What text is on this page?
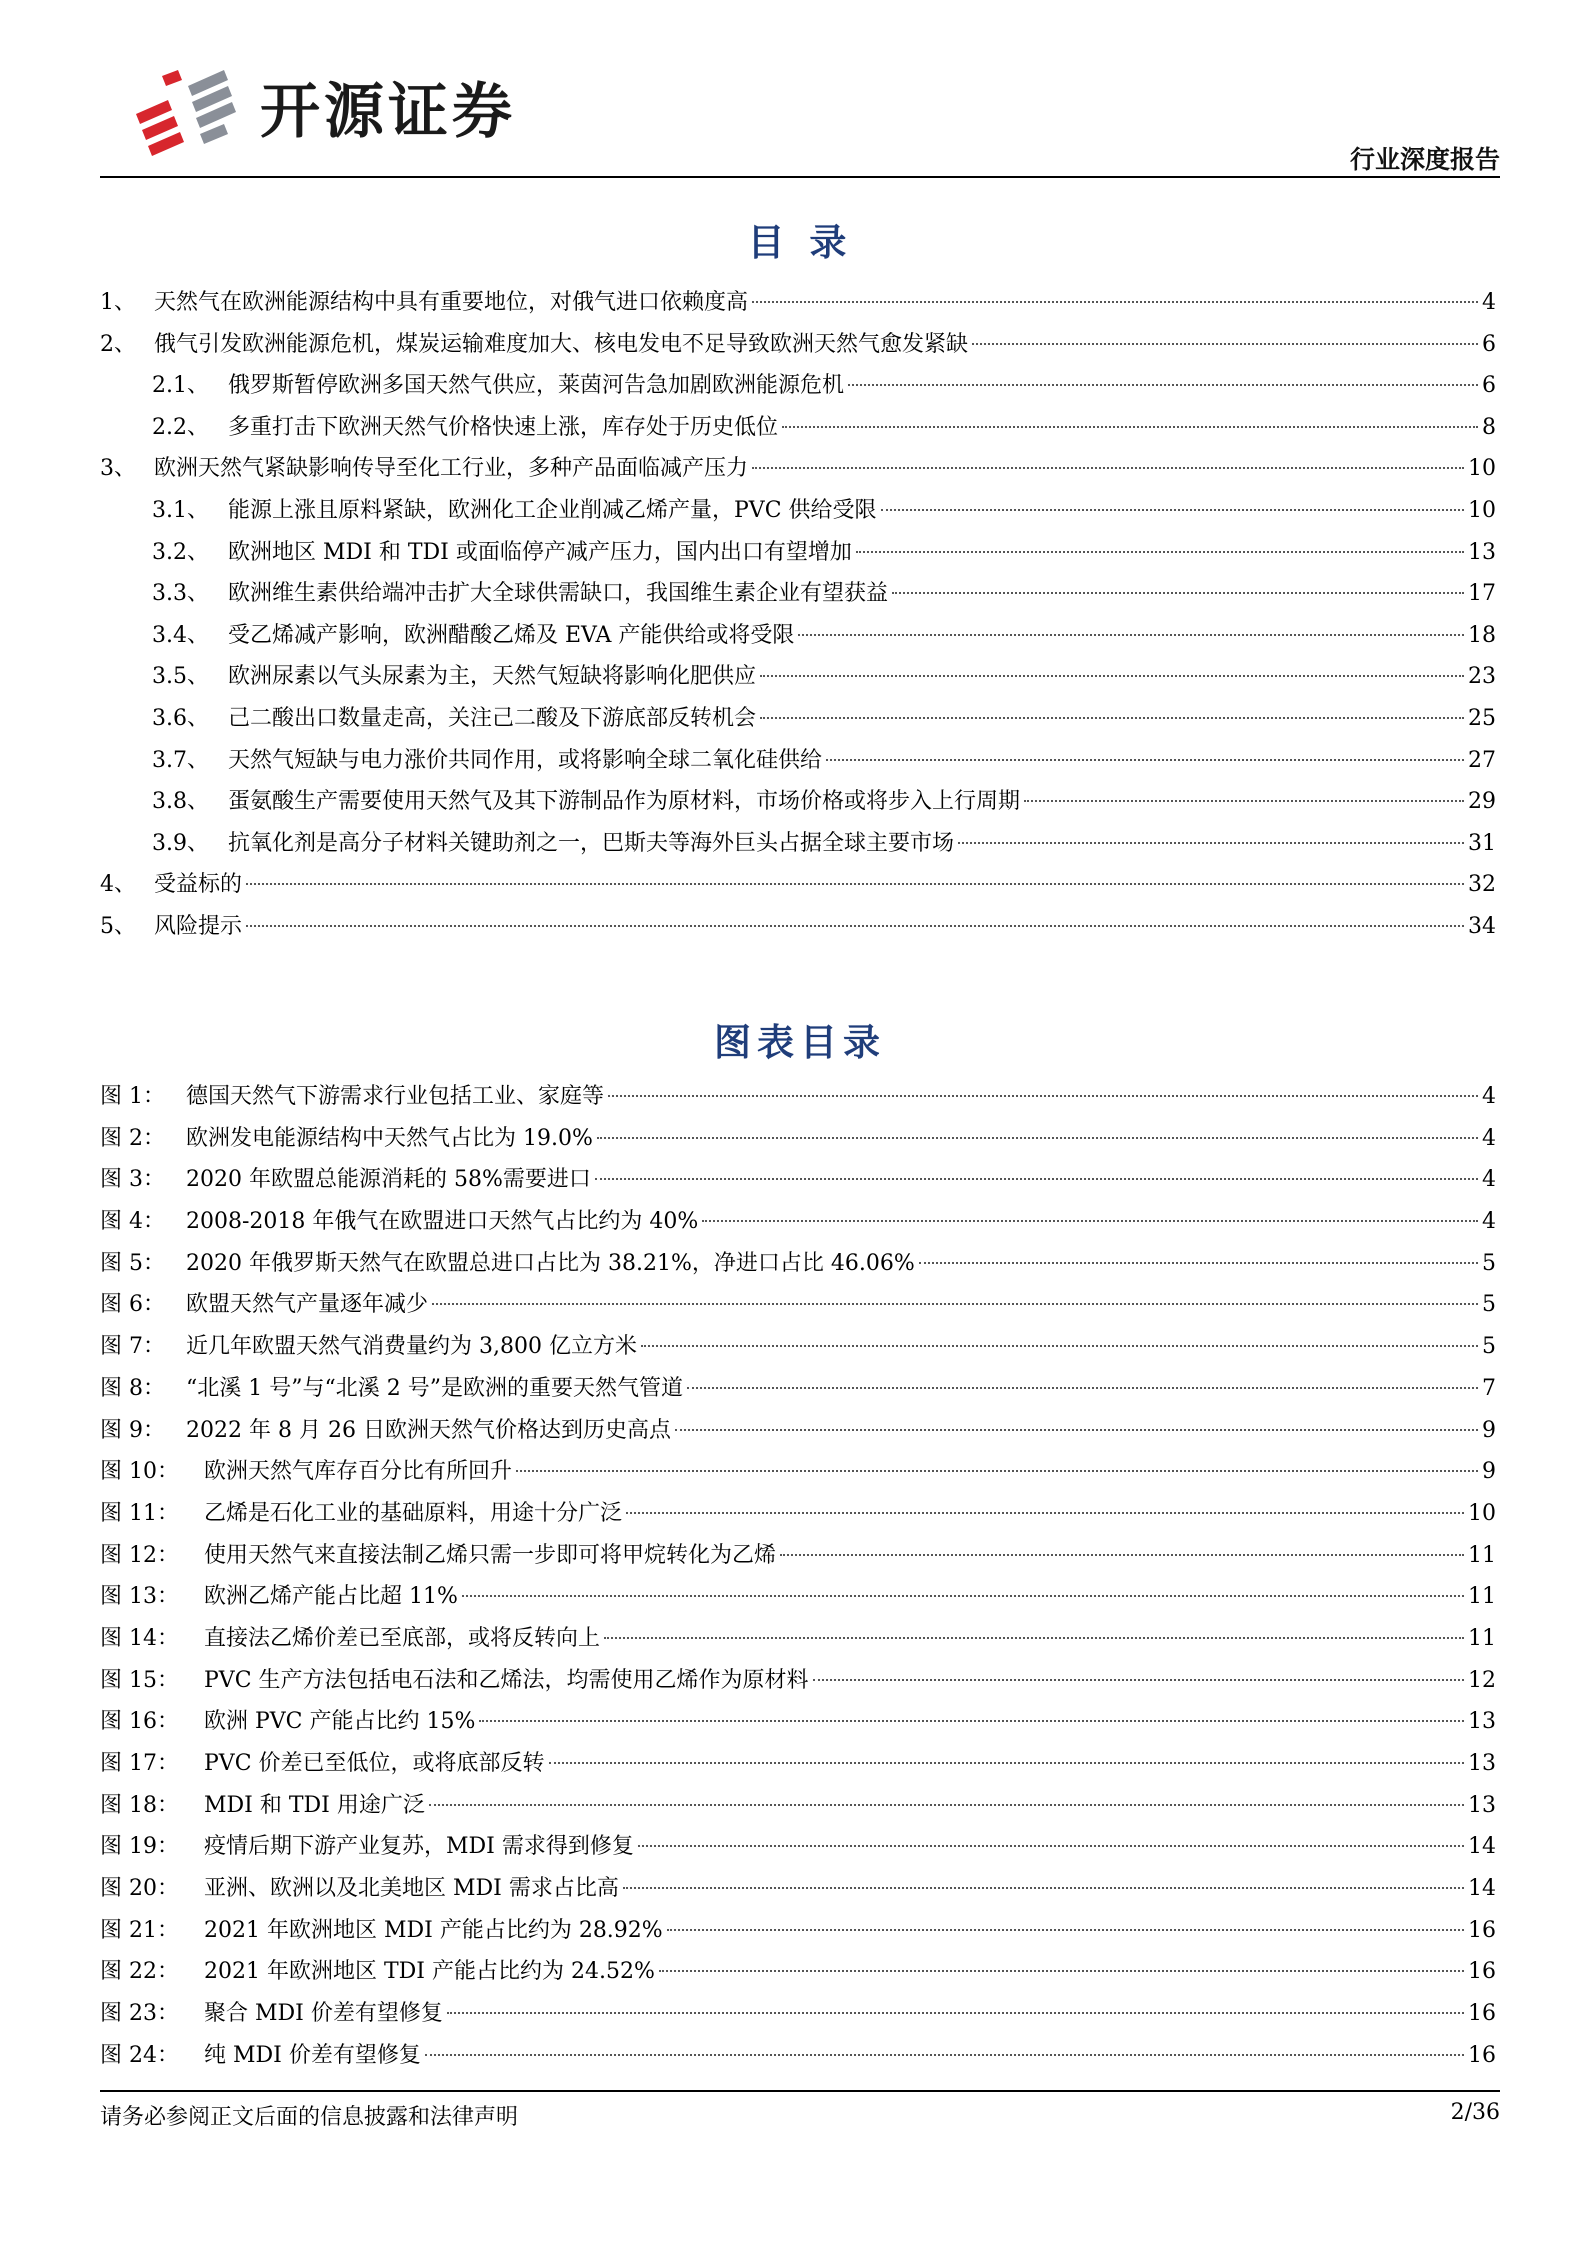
开源证券
行业深度报告
目 录
1、 天然气在欧洲能源结构中具有重要地位，对俄气进口依赖度高	4
2、 俄气引发欧洲能源危机，煤炭运输难度加大、核电发电不足导致欧洲天然气愈发紧缺	6
2.1、 俄罗斯暂停欧洲多国天然气供应，莱茵河告急加剧欧洲能源危机	6
2.2、 多重打击下欧洲天然气价格快速上涨，库存处于历史低位	8
3、 欧洲天然气紧缺影响传导至化工行业，多种产品面临减产压力	10
3.1、 能源上涨且原料紧缺，欧洲化工企业削减乙烯产量，PVC 供给受限	10
3.2、 欧洲地区 MDI 和 TDI 或面临停产减产压力，国内出口有望增加	13
3.3、 欧洲维生素供给端冲击扩大全球供需缺口，我国维生素企业有望获益	17
3.4、 受乙烯减产影响，欧洲醋酸乙烯及 EVA 产能供给或将受限	18
3.5、 欧洲尿素以气头尿素为主，天然气短缺将影响化肥供应	23
3.6、 己二酸出口数量走高，关注己二酸及下游底部反转机会	25
3.7、 天然气短缺与电力涨价共同作用，或将影响全球二氧化硅供给	27
3.8、 蛋氨酸生产需要使用天然气及其下游制品作为原材料，市场价格或将步入上行周期	29
3.9、 抗氧化剂是高分子材料关键助剂之一，巴斯夫等海外巨头占据全球主要市场	31
4、 受益标的	32
5、 风险提示	34
图表目录
图 1： 德国天然气下游需求行业包括工业、家庭等	4
图 2： 欧洲发电能源结构中天然气占比为 19.0%	4
图 3： 2020 年欧盟总能源消耗的 58%需要进口	4
图 4： 2008-2018 年俄气在欧盟进口天然气占比约为 40%	4
图 5： 2020 年俄罗斯天然气在欧盟总进口占比为 38.21%，净进口占比 46.06%	5
图 6： 欧盟天然气产量逐年减少	5
图 7： 近几年欧盟天然气消费量约为 3,800 亿立方米	5
图 8： “北溪 1 号”与“北溪 2 号”是欧洲的重要天然气管道	7
图 9： 2022 年 8 月 26 日欧洲天然气价格达到历史高点	9
图 10：	欧洲天然气库存百分比有所回升	9
图 11：	乙烯是石化工业的基础原料，用途十分广泛	10
图 12：	使用天然气来直接法制乙烯只需一步即可将甲烷转化为乙烯	11
图 13：	欧洲乙烯产能占比超 11%	11
图 14：	直接法乙烯价差已至底部，或将反转向上	11
图 15：	PVC 生产方法包括电石法和乙烯法，均需使用乙烯作为原材料	12
图 16：	欧洲 PVC 产能占比约 15%	13
图 17：	PVC 价差已至低位，或将底部反转	13
图 18：	MDI 和 TDI 用途广泛	13
图 19：	疫情后期下游产业复苏，MDI 需求得到修复	14
图 20：	亚洲、欧洲以及北美地区 MDI 需求占比高	14
图 21：	2021 年欧洲地区 MDI 产能占比约为 28.92%	16
图 22：	2021 年欧洲地区 TDI 产能占比约为 24.52%	16
图 23：	聚合 MDI 价差有望修复	16
图 24：	纯 MDI 价差有望修复	16
请务必参阅正文后面的信息披露和法律声明	2/36
